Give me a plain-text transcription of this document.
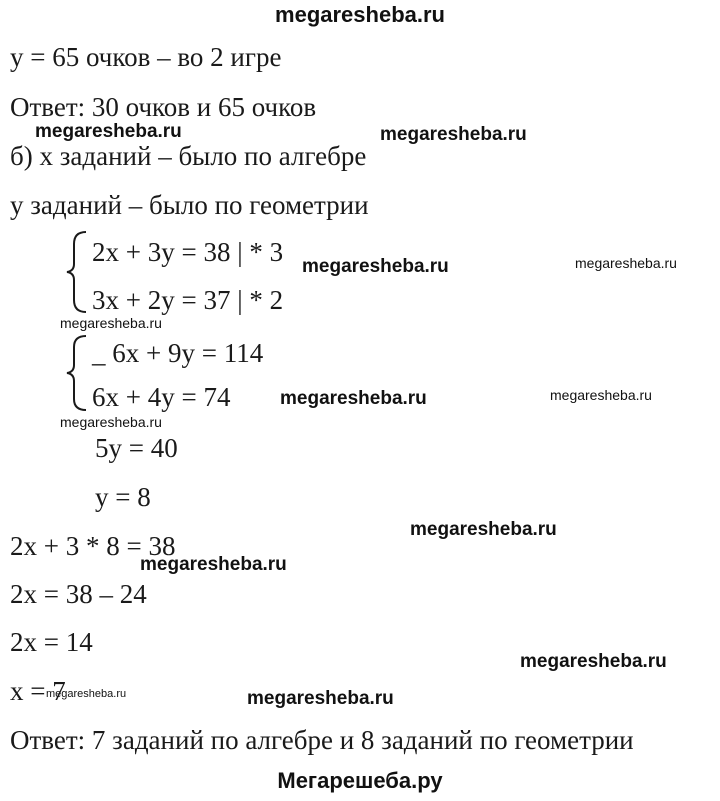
megaresheba.ru
y = 65 очков – во 2 игре
Ответ: 30 очков и 65 очков
megaresheba.ru	megaresheba.ru
б) x заданий – было по алгебре
y заданий – было по геометрии
2x + 3y = 38 | * 3 megaresheba.ru	megaresheba.ru
3x + 2y = 37 | * 2
megaresheba.ru
_ 6x + 9y = 114
6x + 4y = 74	megaresheba.ru	megaresheba.ru
megaresheba.ru
5y = 40
y = 8
megaresheba.ru
2x + 3 * 8 = 38
megaresheba.ru
2x = 38 – 24
2x = 14
megaresheba.ru
x = 7
megaresheba.ru	megaresheba.ru
Ответ: 7 заданий по алгебре и 8 заданий по геометрии
Мегарешеба.ру
